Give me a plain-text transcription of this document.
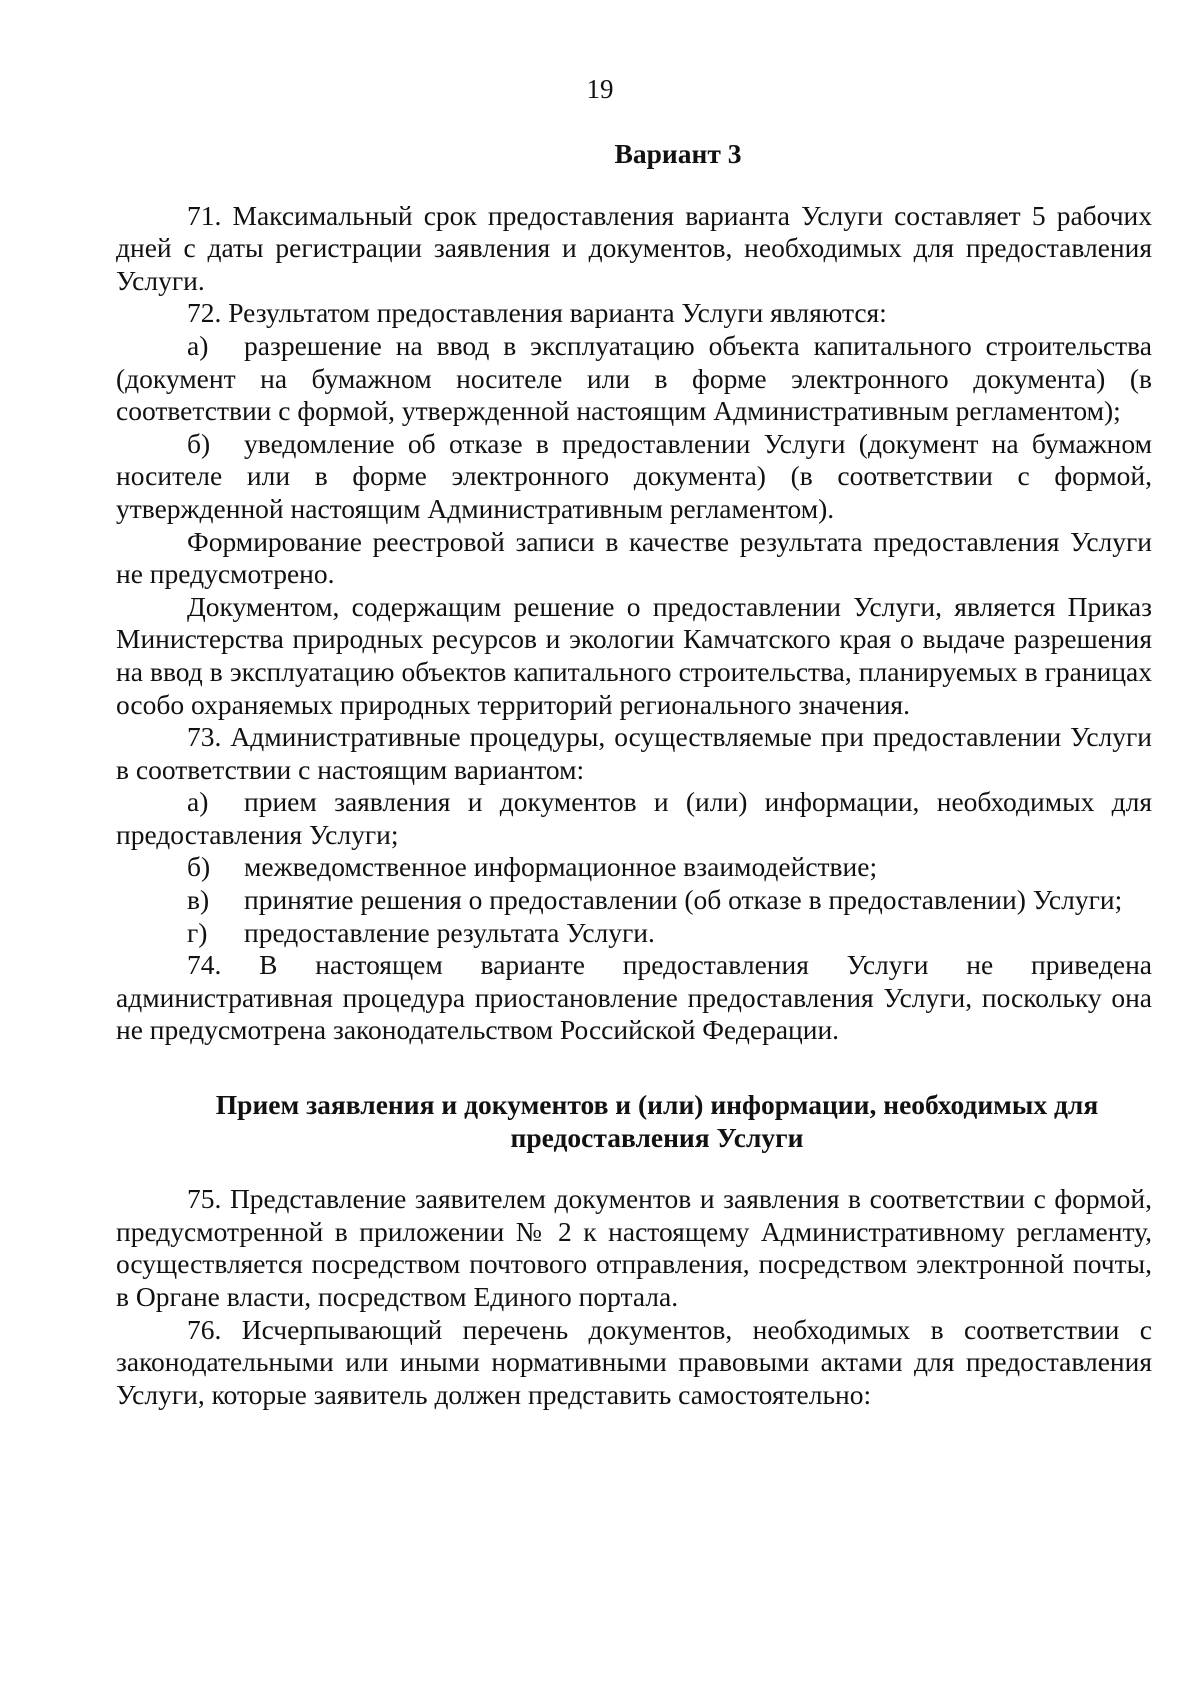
19

Вариант 3

71. Максимальный срок предоставления варианта Услуги составляет 5 рабочих дней с даты регистрации заявления и документов, необходимых для предоставления Услуги.

72. Результатом предоставления варианта Услуги являются:

а) разрешение на ввод в эксплуатацию объекта капитального строительства (документ на бумажном носителе или в форме электронного документа) (в соответствии с формой, утвержденной настоящим Административным регламентом);

б) уведомление об отказе в предоставлении Услуги (документ на бумажном носителе или в форме электронного документа) (в соответствии с формой, утвержденной настоящим Административным регламентом).

Формирование реестровой записи в качестве результата предоставления Услуги не предусмотрено.

Документом, содержащим решение о предоставлении Услуги, является Приказ Министерства природных ресурсов и экологии Камчатского края о выдаче разрешения на ввод в эксплуатацию объектов капитального строительства, планируемых в границах особо охраняемых природных территорий регионального значения.

73. Административные процедуры, осуществляемые при предоставлении Услуги в соответствии с настоящим вариантом:

а) прием заявления и документов и (или) информации, необходимых для предоставления Услуги;

б) межведомственное информационное взаимодействие;

в) принятие решения о предоставлении (об отказе в предоставлении) Услуги;

г) предоставление результата Услуги.

74. В настоящем варианте предоставления Услуги не приведена административная процедура приостановление предоставления Услуги, поскольку она не предусмотрена законодательством Российской Федерации.

Прием заявления и документов и (или) информации, необходимых для предоставления Услуги

75. Представление заявителем документов и заявления в соответствии с формой, предусмотренной в приложении № 2 к настоящему Административному регламенту, осуществляется посредством почтового отправления, посредством электронной почты, в Органе власти, посредством Единого портала.

76. Исчерпывающий перечень документов, необходимых в соответствии с законодательными или иными нормативными правовыми актами для предоставления Услуги, которые заявитель должен представить самостоятельно:
